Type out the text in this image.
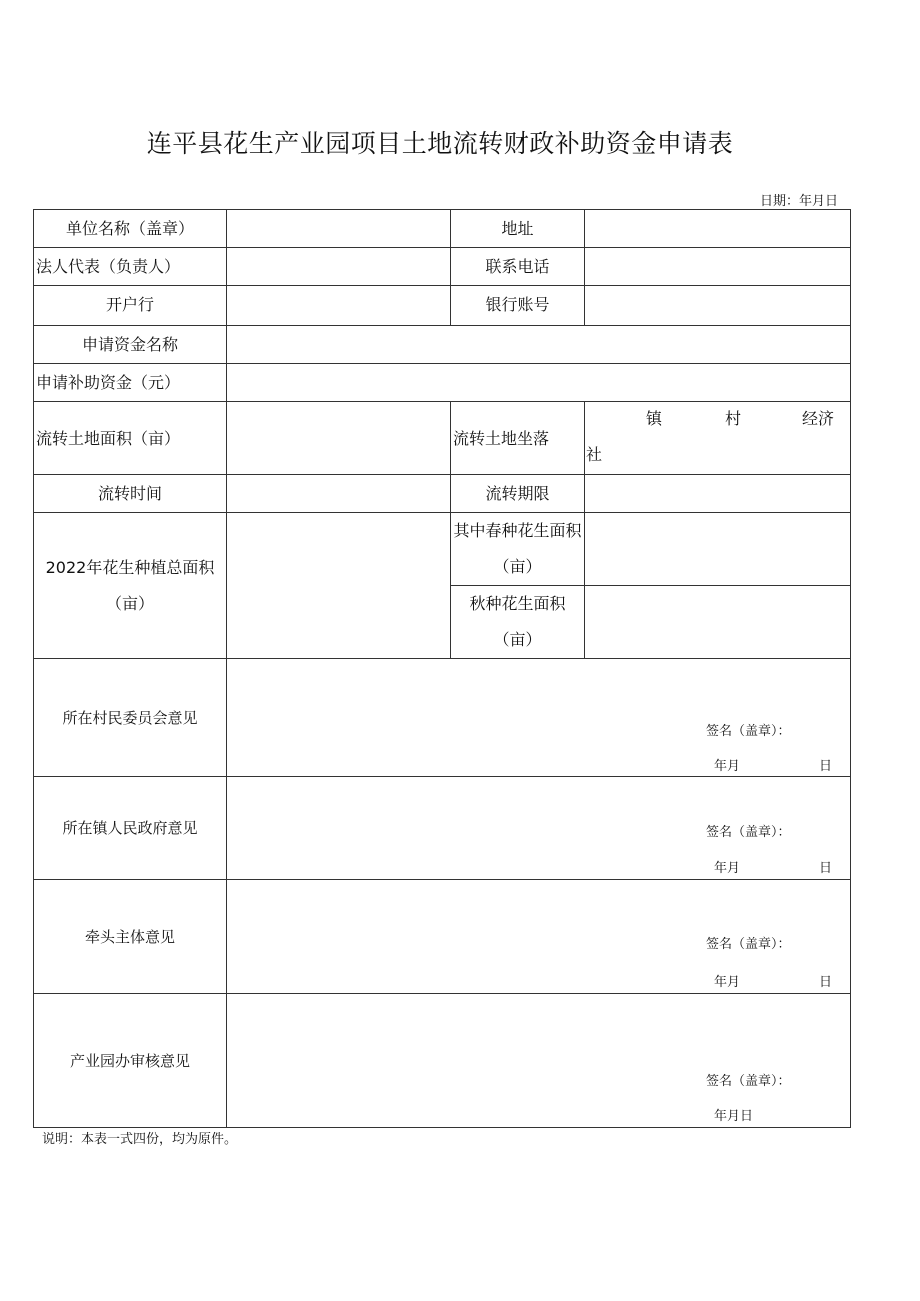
连平县花生产业园项目土地流转财政补助资金申请表
日期：年月日
单位名称（盖章）		地址	
法人代表（负责人）		联系电话	
开户行		银行账号	
申请资金名称			
申请补助资金（元）			
流转土地面积（亩）		流转土地坐落	镇 村 经济
社

流转时间		流转期限	
2022年花生种植总面积（亩）		其中春种花生面积（亩）	
		秋种花生面积（亩）	
所在村民委员会意见	签名（盖章）：
年月 日		

所在镇人民政府意见	签名（盖章）：
年月 日		

牵头主体意见	签名（盖章）：
年月 日		

产业园办审核意见	签名（盖章）：
年月日		
说明：本表一式四份，均为原件。
